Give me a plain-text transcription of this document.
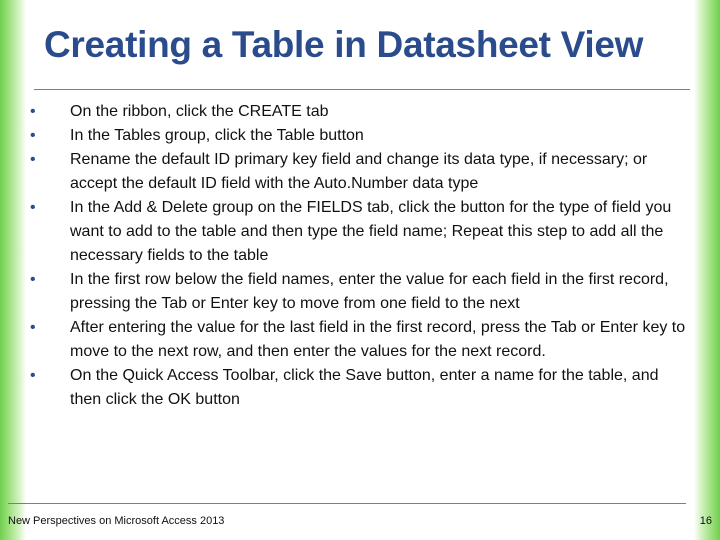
Creating a Table in Datasheet View
•	On the ribbon, click the CREATE tab
•	In the Tables group, click the Table button
•	Rename the default ID primary key field and change its data type, if necessary; or accept the default ID field with the Auto.Number data type
•	In the Add & Delete group on the FIELDS tab, click the button for the type of field you want to add to the table and then type the field name; Repeat this step to add all the necessary fields to the table
•	In the first row below the field names, enter the value for each field in the first record, pressing the Tab or Enter key to move from one field to the next
•	After entering the value for the last field in the first record, press the Tab or Enter key to move to the next row, and then enter the values for the next record.
•	On the Quick Access Toolbar, click the Save button, enter a name for the table, and then click the OK button
New Perspectives on Microsoft Access 2013	16
